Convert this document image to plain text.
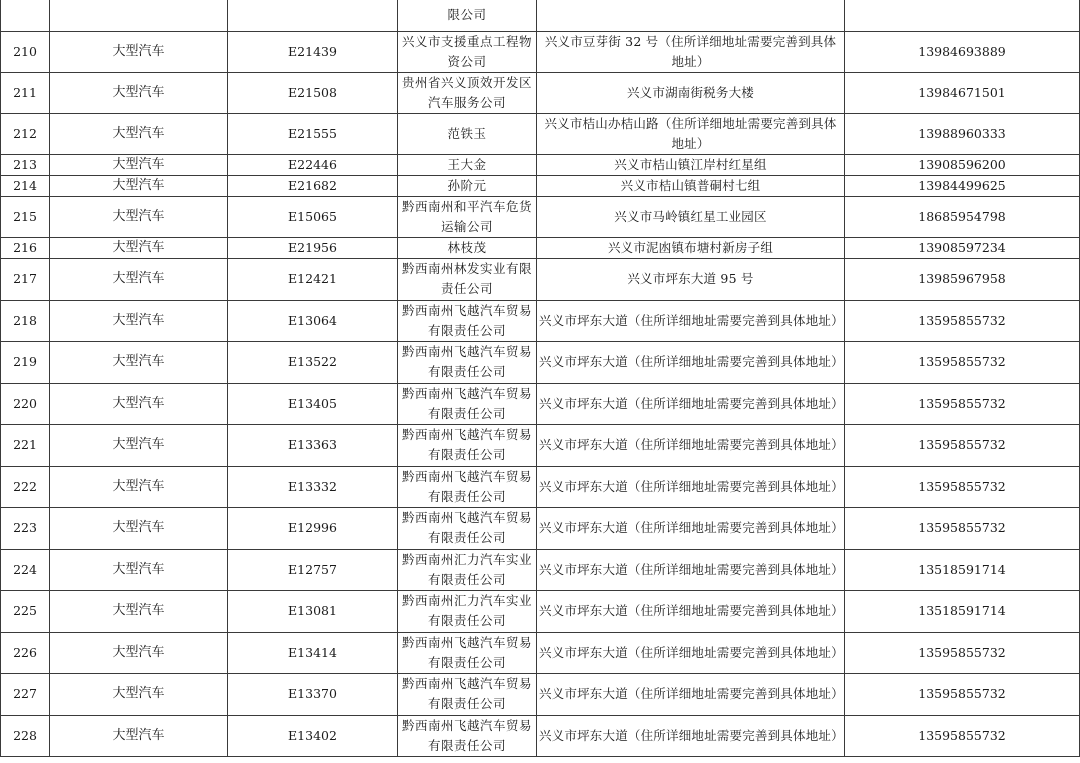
			限公司		
210	大型汽车	E21439	兴义市支援重点工程物资公司	兴义市豆芽街 32 号（住所详细地址需要完善到具体地址）	13984693889
211	大型汽车	E21508	贵州省兴义顶效开发区汽车服务公司	兴义市湖南街税务大楼	13984671501
212	大型汽车	E21555	范铁玉	兴义市桔山办桔山路（住所详细地址需要完善到具体地址）	13988960333
213	大型汽车	E22446	王大金	兴义市桔山镇江岸村红星组	13908596200
214	大型汽车	E21682	孙阶元	兴义市桔山镇普硐村七组	13984499625
215	大型汽车	E15065	黔西南州和平汽车危货运输公司	兴义市马岭镇红星工业园区	18685954798
216	大型汽车	E21956	林枝茂	兴义市泥凼镇布塘村新房子组	13908597234
217	大型汽车	E12421	黔西南州林发实业有限责任公司	兴义市坪东大道 95 号	13985967958
218	大型汽车	E13064	黔西南州飞越汽车贸易有限责任公司	兴义市坪东大道（住所详细地址需要完善到具体地址）	13595855732
219	大型汽车	E13522	黔西南州飞越汽车贸易有限责任公司	兴义市坪东大道（住所详细地址需要完善到具体地址）	13595855732
220	大型汽车	E13405	黔西南州飞越汽车贸易有限责任公司	兴义市坪东大道（住所详细地址需要完善到具体地址）	13595855732
221	大型汽车	E13363	黔西南州飞越汽车贸易有限责任公司	兴义市坪东大道（住所详细地址需要完善到具体地址）	13595855732
222	大型汽车	E13332	黔西南州飞越汽车贸易有限责任公司	兴义市坪东大道（住所详细地址需要完善到具体地址）	13595855732
223	大型汽车	E12996	黔西南州飞越汽车贸易有限责任公司	兴义市坪东大道（住所详细地址需要完善到具体地址）	13595855732
224	大型汽车	E12757	黔西南州汇力汽车实业有限责任公司	兴义市坪东大道（住所详细地址需要完善到具体地址）	13518591714
225	大型汽车	E13081	黔西南州汇力汽车实业有限责任公司	兴义市坪东大道（住所详细地址需要完善到具体地址）	13518591714
226	大型汽车	E13414	黔西南州飞越汽车贸易有限责任公司	兴义市坪东大道（住所详细地址需要完善到具体地址）	13595855732
227	大型汽车	E13370	黔西南州飞越汽车贸易有限责任公司	兴义市坪东大道（住所详细地址需要完善到具体地址）	13595855732
228	大型汽车	E13402	黔西南州飞越汽车贸易有限责任公司	兴义市坪东大道（住所详细地址需要完善到具体地址）	13595855732
